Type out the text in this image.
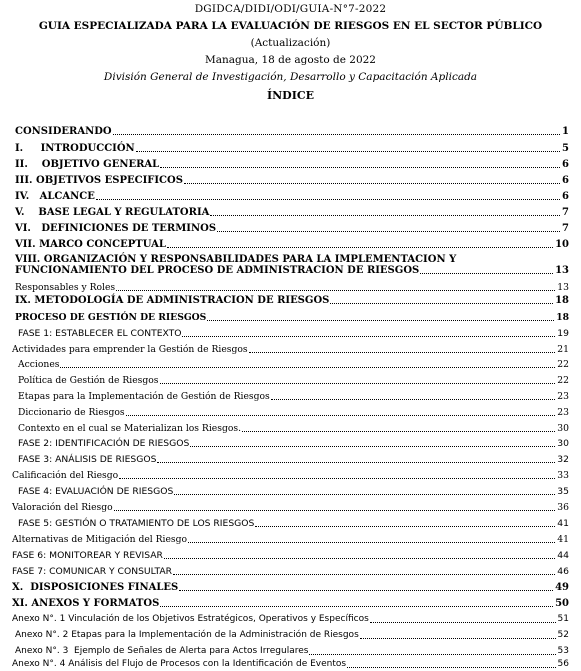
DGIDCA/DIDI/ODI/GUIA-N°7-2022
GUIA ESPECIALIZADA PARA LA EVALUACIÓN DE RIESGOS EN EL SECTOR PÚBLICO
(Actualización)
Managua, 18 de agosto de 2022
División General de Investigación, Desarrollo y Capacitación Aplicada
ÍNDICE
CONSIDERANDO	1
I.     INTRODUCCIÓN	5
II.    OBJETIVO GENERAL	6
III. OBJETIVOS ESPECIFICOS	6
IV.   ALCANCE	6
V.    BASE LEGAL Y REGULATORIA	7
VI.   DEFINICIONES DE TERMINOS	7
VII. MARCO CONCEPTUAL	10
VIII. ORGANIZACIÓN Y RESPONSABILIDADES PARA LA IMPLEMENTACION Y
FUNCIONAMIENTO DEL PROCESO DE ADMINISTRACION DE RIESGOS	13
Responsables y Roles	13
IX. METODOLOGÍA DE ADMINISTRACION DE RIESGOS	18
PROCESO DE GESTIÓN DE RIESGOS	18
FASE 1: ESTABLECER EL CONTEXTO	19
Actividades para emprender la Gestión de Riesgos	21
Acciones	22
Política de Gestión de Riesgos	22
Etapas para la Implementación de Gestión de Riesgos	23
Diccionario de Riesgos	23
Contexto en el cual se Materializan los Riesgos.	30
FASE 2: IDENTIFICACIÓN DE RIESGOS	30
FASE 3: ANÁLISIS DE RIESGOS	32
Calificación del Riesgo	33
FASE 4: EVALUACIÓN DE RIESGOS	35
Valoración del Riesgo	36
FASE 5: GESTIÓN O TRATAMIENTO DE LOS RIESGOS	41
Alternativas de Mitigación del Riesgo	41
FASE 6: MONITOREAR Y REVISAR	44
FASE 7: COMUNICAR Y CONSULTAR	46
X.  DISPOSICIONES FINALES	49
XI. ANEXOS Y FORMATOS	50
Anexo N°. 1 Vinculación de los Objetivos Estratégicos, Operativos y Específicos	51
Anexo N°. 2 Etapas para la Implementación de la Administración de Riesgos	52
Anexo N°. 3  Ejemplo de Señales de Alerta para Actos Irregulares	53
Anexo N°. 4 Análisis del Flujo de Procesos con la Identificación de Eventos	56
